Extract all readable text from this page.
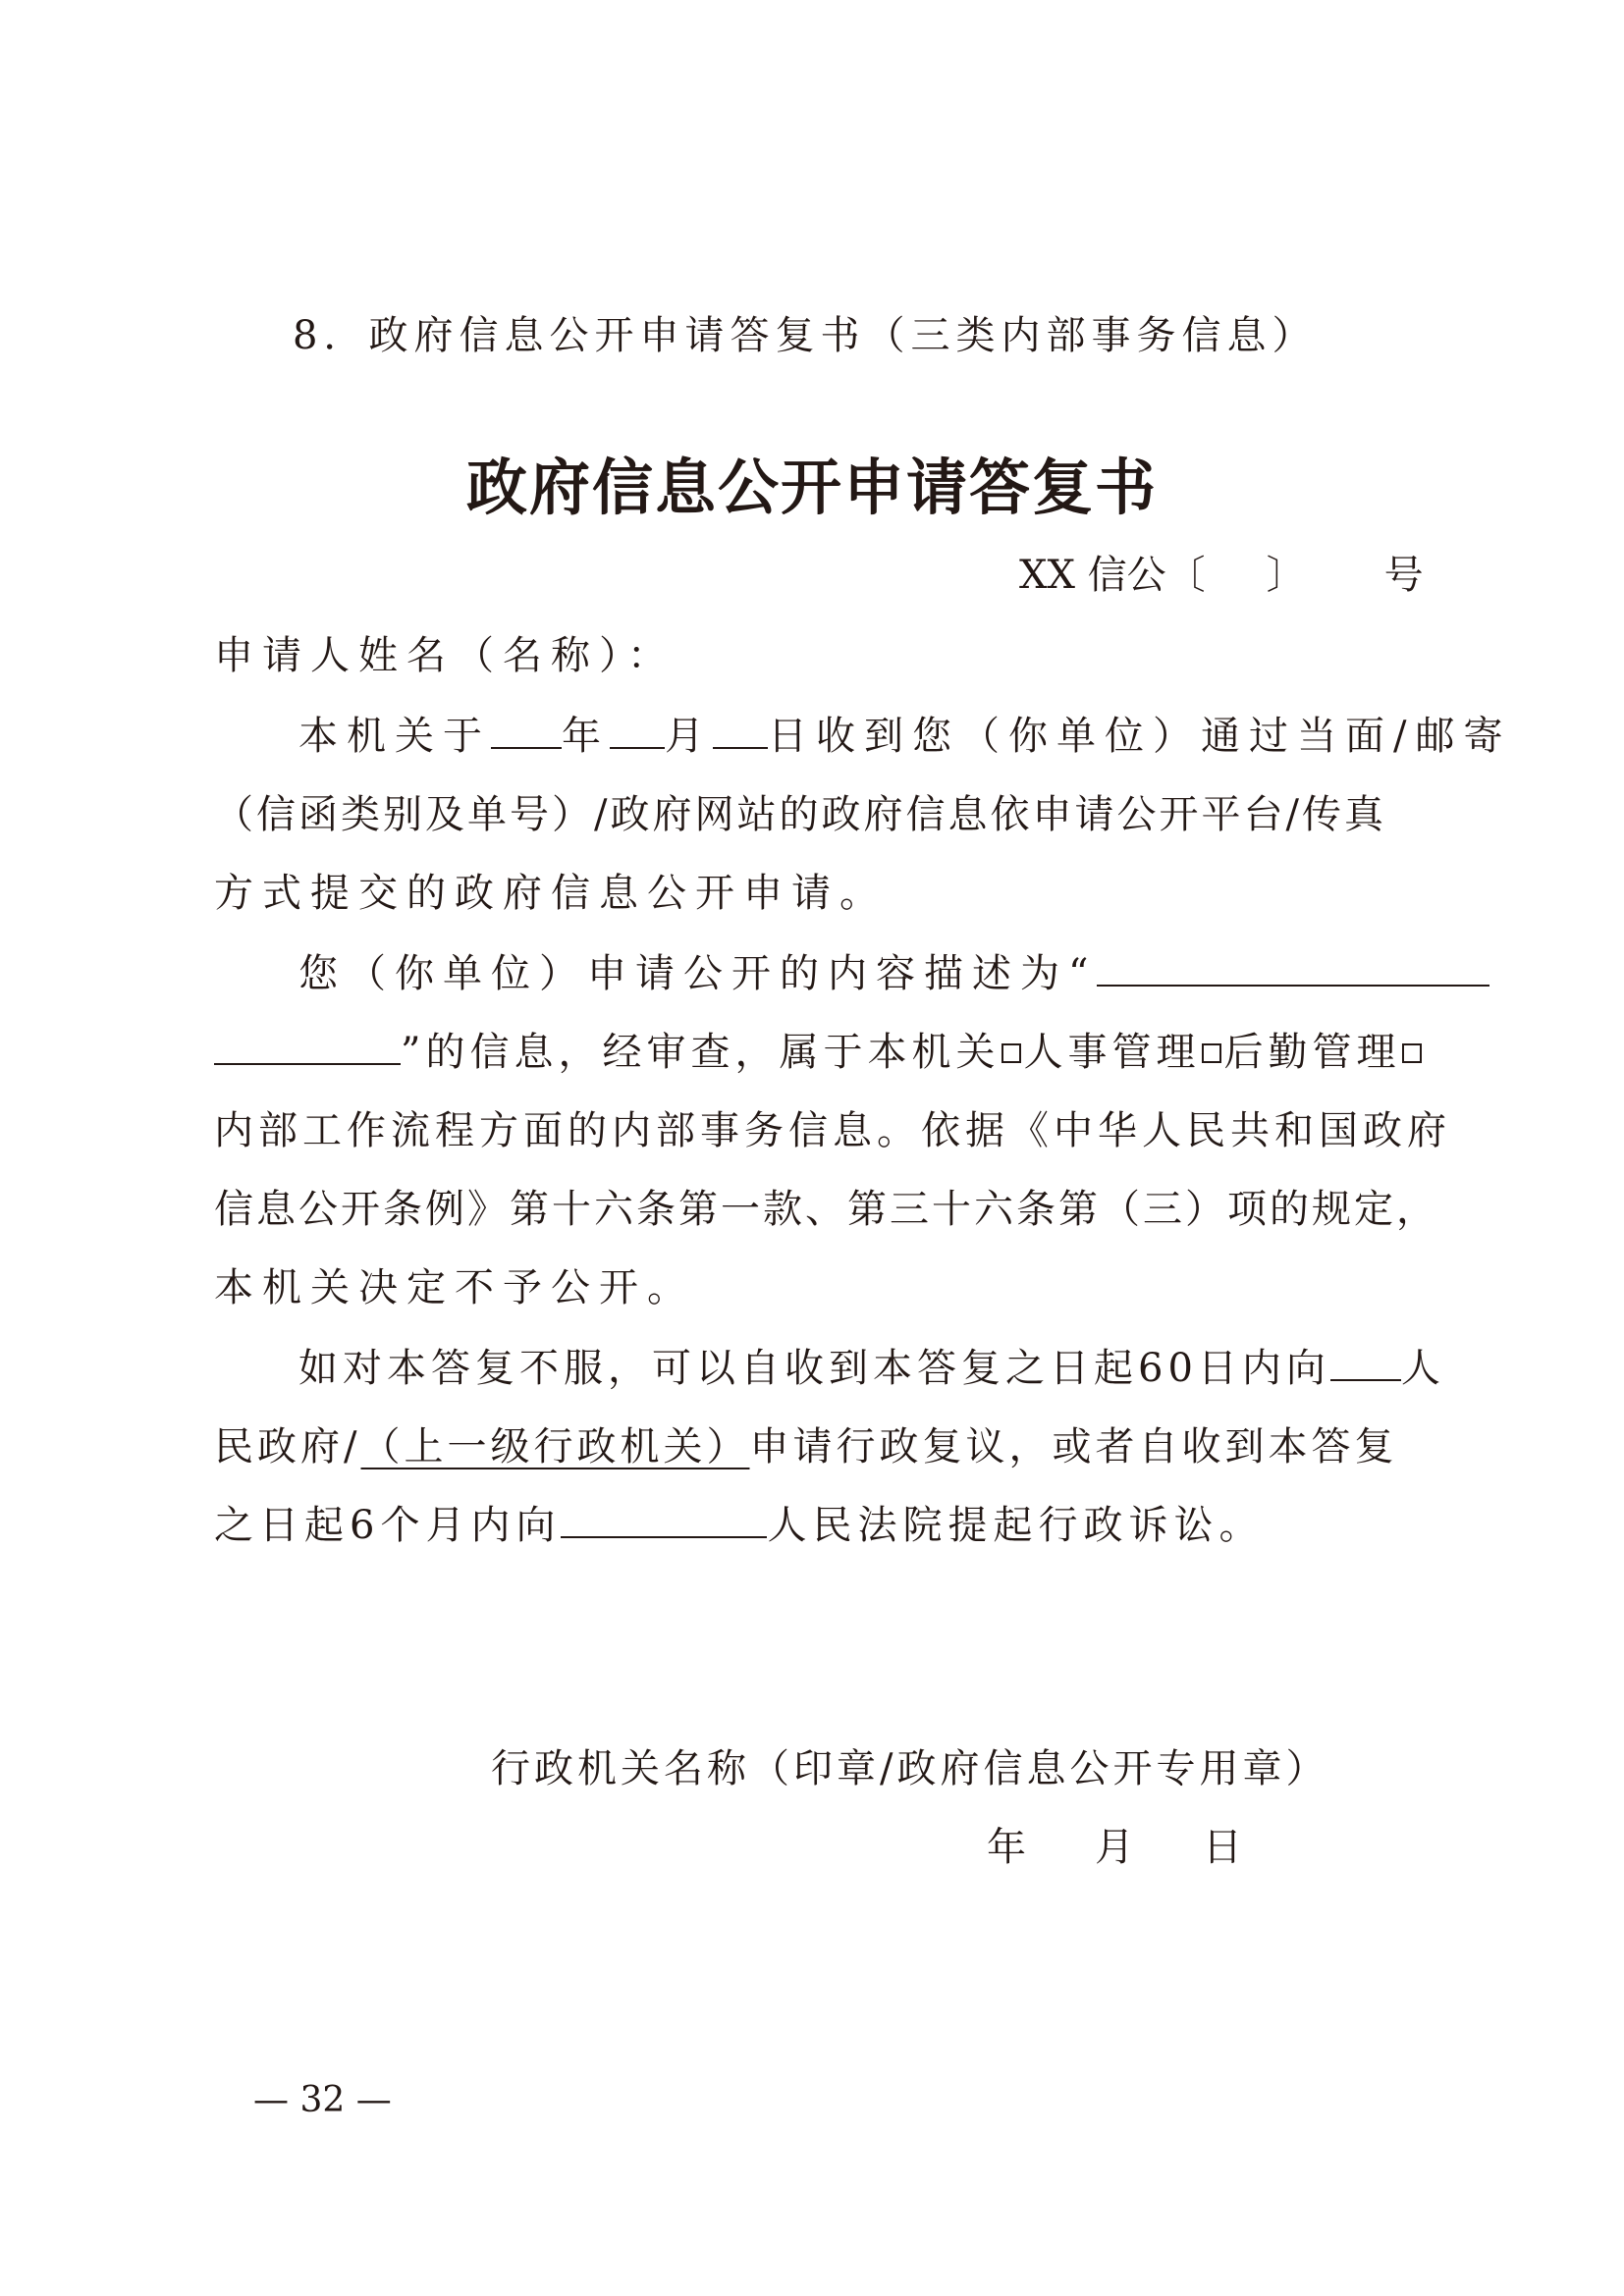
8．政府信息公开申请答复书（三类内部事务信息）
政府信息公开申请答复书
XX 信公〔 〕 号
申请人姓名（名称）：
本机关于 年 月 日收到您（你单位）通过当面/邮寄
（信函类别及单号）/政府网站的政府信息依申请公开平台/传真
方式提交的政府信息公开申请。
您（你单位）申请公开的内容描述为“
”的信息，经审查，属于本机关 人事管理 后勤管理
内部工作流程方面的内部事务信息。依据《中华人民共和国政府
信息公开条例》第十六条第一款、第三十六条第（三）项的规定，
本机关决定不予公开。
如对本答复不服，可以自收到本答复之日起60日内向 人
民政府/（上一级行政机关）申请行政复议，或者自收到本答复
之日起6个月内向	人民法院提起行政诉讼。
行政机关名称（印章/政府信息公开专用章）
年 月 日
— 32 —
